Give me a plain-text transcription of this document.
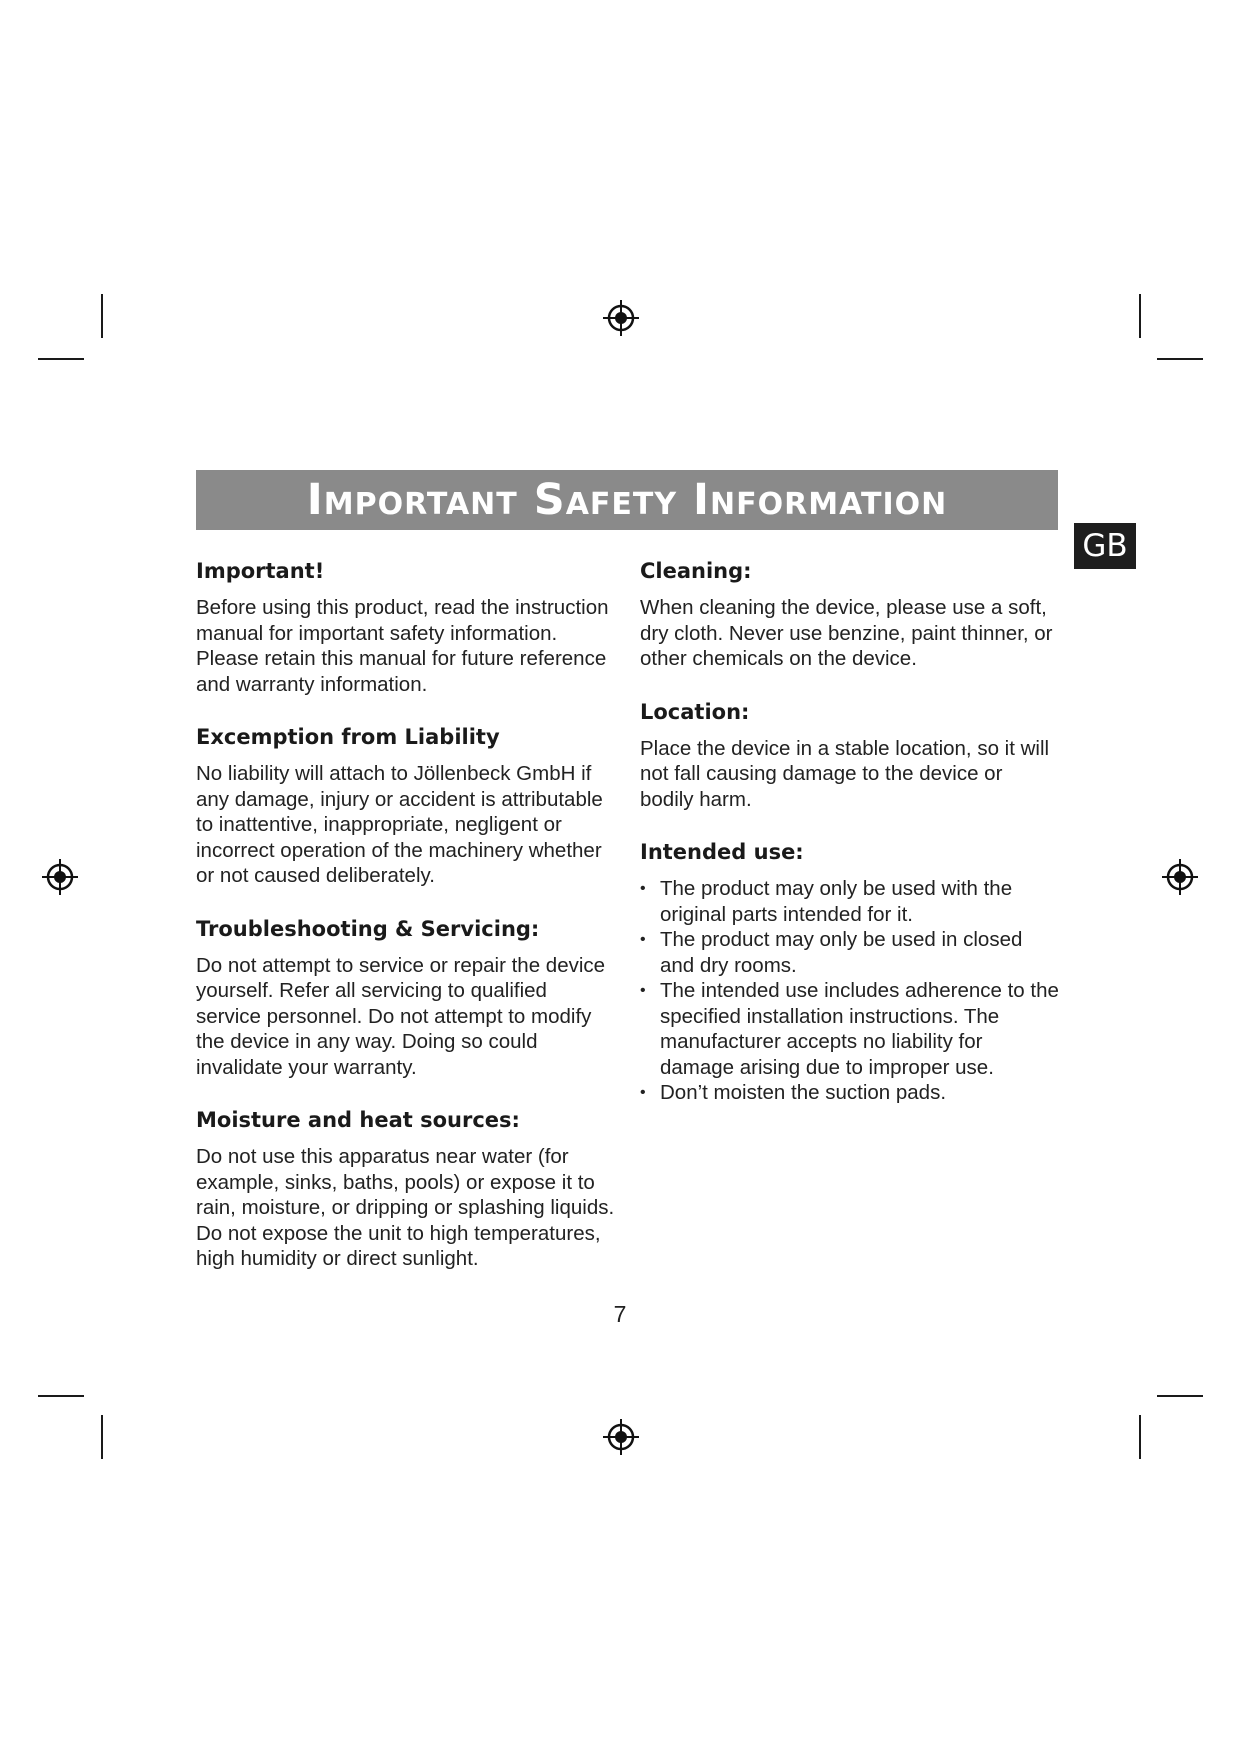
Important Safety Information
GB
Important!

Before using this product, read the instruction manual for important safety information. Please retain this manual for future reference and warranty information.

Excemption from Liability

No liability will attach to Jöllenbeck GmbH if any damage, injury or accident is attributable to inattentive, inappropriate, negligent or incorrect operation of the machinery whether or not caused deliberately.

Troubleshooting & Servicing:

Do not attempt to service or repair the device yourself. Refer all servicing to qualified service personnel. Do not attempt to modify the device in any way. Doing so could invalidate your warranty.

Moisture and heat sources:

Do not use this apparatus near water (for example, sinks, baths, pools) or expose it to rain, moisture, or dripping or splashing liquids. Do not expose the unit to high temperatures, high humidity or direct sunlight.

Cleaning:

When cleaning the device, please use a soft, dry cloth. Never use benzine, paint thinner, or other chemicals on the device.

Location:

Place the device in a stable location, so it will not fall causing damage to the device or bodily harm.

Intended use:
• The product may only be used with the original parts intended for it.
• The product may only be used in closed and dry rooms.
• The intended use includes adherence to the specified installation instructions. The manufacturer accepts no liability for damage arising due to improper use.
• Don’t moisten the suction pads.
7
